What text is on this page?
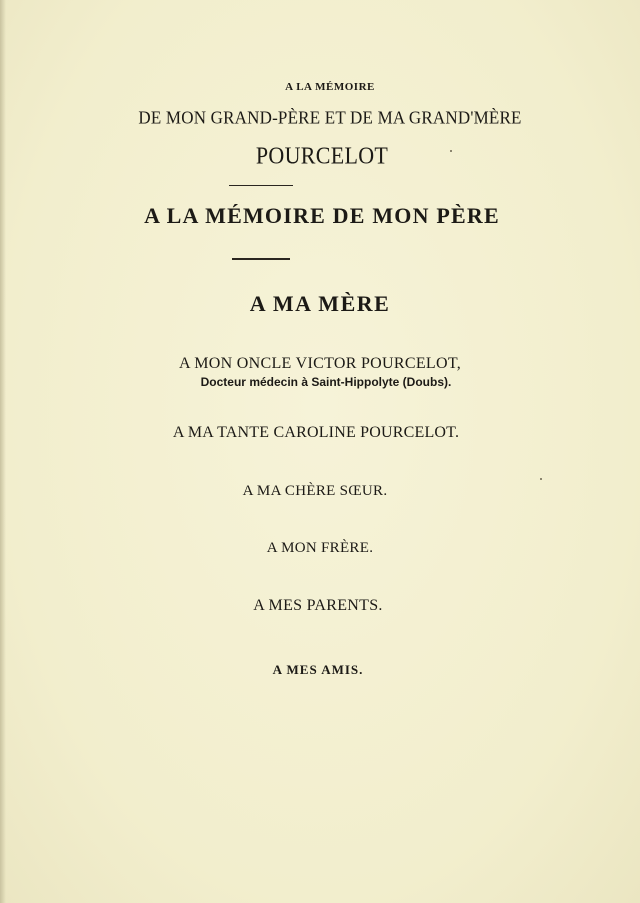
A LA MÉMOIRE
DE MON GRAND-PÈRE ET DE MA GRAND'MÈRE
POURCELOT
A LA MÉMOIRE DE MON PÈRE
A MA MÈRE
A MON ONCLE VICTOR POURCELOT,
Docteur médecin à Saint-Hippolyte (Doubs).
A MA TANTE CAROLINE POURCELOT.
A MA CHÈRE SŒUR.
A MON FRÈRE.
A MES PARENTS.
A MES AMIS.
